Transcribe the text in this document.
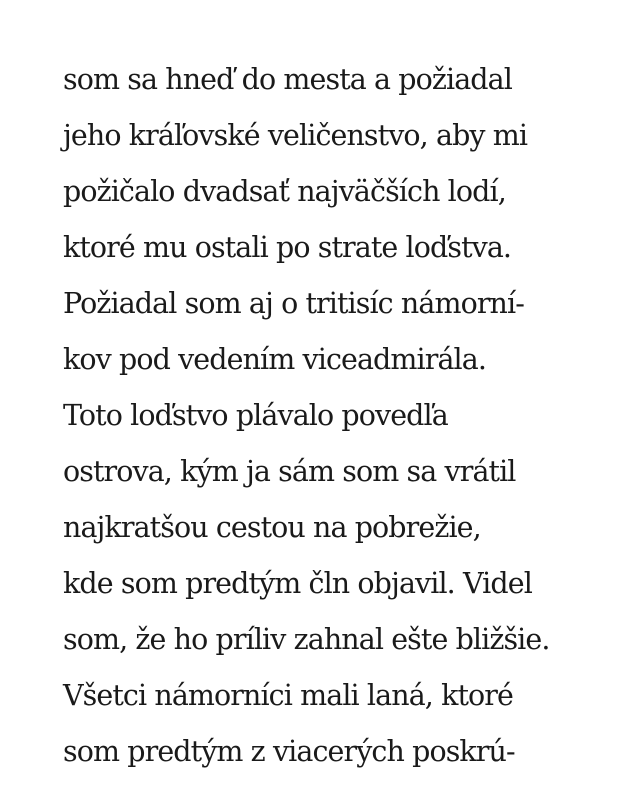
som sa hneď do mesta a požiadal
jeho kráľovské veličenstvo, aby mi
požičalo dvadsať najväčších lodí,
ktoré mu ostali po strate loďstva.
Požiadal som aj o tritisíc námorní-
kov pod vedením viceadmirála.
Toto loďstvo plávalo povedľa
ostrova, kým ja sám som sa vrátil
najkratšou cestou na pobrežie,
kde som predtým čln objavil. Videl
som, že ho príliv zahnal ešte bližšie.
Všetci námorníci mali laná, ktoré
som predtým z viacerých poskrú-
